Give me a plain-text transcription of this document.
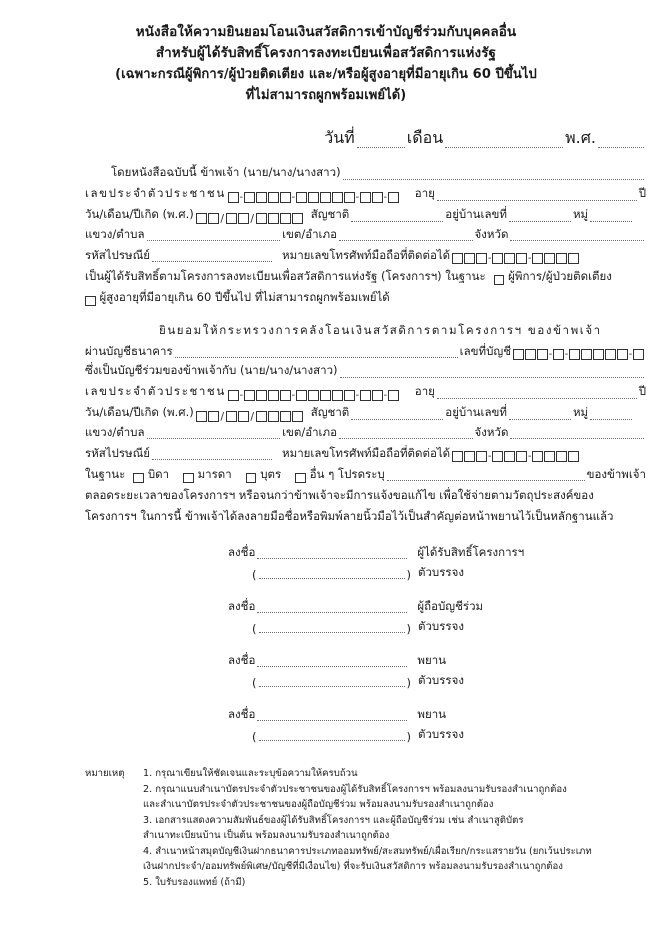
หนังสือให้ความยินยอมโอนเงินสวัสดิการเข้าบัญชีร่วมกับบุคคลอื่น
สำหรับผู้ได้รับสิทธิ์โครงการลงทะเบียนเพื่อสวัสดิการแห่งรัฐ
(เฉพาะกรณีผู้พิการ/ผู้ป่วยติดเตียง และ/หรือผู้สูงอายุที่มีอายุเกิน 60 ปีขึ้นไป
ที่ไม่สามารถผูกพร้อมเพย์ได้)
วันที่	เดือน	พ.ศ.
โดยหนังสือฉบับนี้ ข้าพเจ้า (นาย/นาง/นางสาว)
เลขประจำตัวประชาชน -	-	- - อายุ	ปี
วัน/เดือน/ปีเกิด (พ.ศ.) / /	สัญชาติ	อยู่บ้านเลขที่	หมู่
แขวง/ตำบล	เขต/อำเภอ	จังหวัด
รหัสไปรษณีย์	หมายเลขโทรศัพท์มือถือที่ติดต่อได้	-	-
เป็นผู้ได้รับสิทธิ์ตามโครงการลงทะเบียนเพื่อสวัสดิการแห่งรัฐ (โครงการฯ) ในฐานะ ผู้พิการ/ผู้ป่วยติดเตียง
ผู้สูงอายุที่มีอายุเกิน 60 ปีขึ้นไป ที่ไม่สามารถผูกพร้อมเพย์ได้
ยินยอมให้กระทรวงการคลังโอนเงินสวัสดิการตามโครงการฯ ของข้าพเจ้า
ผ่านบัญชีธนาคาร	เลขที่บัญชี	- -	-
ซึ่งเป็นบัญชีร่วมของข้าพเจ้ากับ (นาย/นาง/นางสาว)
เลขประจำตัวประชาชน -	-	- - อายุ	ปี
วัน/เดือน/ปีเกิด (พ.ศ.) / /	สัญชาติ	อยู่บ้านเลขที่	หมู่
แขวง/ตำบล	เขต/อำเภอ	จังหวัด
รหัสไปรษณีย์	หมายเลขโทรศัพท์มือถือที่ติดต่อได้	-	-
ในฐานะ บิดา มารดา บุตร อื่น ๆ โปรดระบุ	ของข้าพเจ้า
ตลอดระยะเวลาของโครงการฯ หรือจนกว่าข้าพเจ้าจะมีการแจ้งขอแก้ไข เพื่อใช้จ่ายตามวัตถุประสงค์ของ
โครงการฯ ในการนี้ ข้าพเจ้าได้ลงลายมือชื่อหรือพิมพ์ลายนิ้วมือไว้เป็นสำคัญต่อหน้าพยานไว้เป็นหลักฐานแล้ว
ลงชื่อ	ผู้ได้รับสิทธิ์โครงการฯ
(	) ตัวบรรจง
ลงชื่อ	ผู้ถือบัญชีร่วม
(	) ตัวบรรจง
ลงชื่อ	พยาน
(	) ตัวบรรจง
ลงชื่อ	พยาน
(	) ตัวบรรจง
หมายเหตุ	1. กรุณาเขียนให้ชัดเจนและระบุข้อความให้ครบถ้วน
2. กรุณาแนบสำเนาบัตรประจำตัวประชาชนของผู้ได้รับสิทธิ์โครงการฯ พร้อมลงนามรับรองสำเนาถูกต้อง
และสำเนาบัตรประจำตัวประชาชนของผู้ถือบัญชีร่วม พร้อมลงนามรับรองสำเนาถูกต้อง
3. เอกสารแสดงความสัมพันธ์ของผู้ได้รับสิทธิ์โครงการฯ และผู้ถือบัญชีร่วม เช่น สำเนาสูติบัตร
สำเนาทะเบียนบ้าน เป็นต้น พร้อมลงนามรับรองสำเนาถูกต้อง
4. สำเนาหน้าสมุดบัญชีเงินฝากธนาคารประเภทออมทรัพย์/สะสมทรัพย์/เผื่อเรียก/กระแสรายวัน (ยกเว้นประเภท
เงินฝากประจำ/ออมทรัพย์พิเศษ/บัญชีที่มีเงื่อนไข) ที่จะรับเงินสวัสดิการ พร้อมลงนามรับรองสำเนาถูกต้อง
5. ใบรับรองแพทย์ (ถ้ามี)
